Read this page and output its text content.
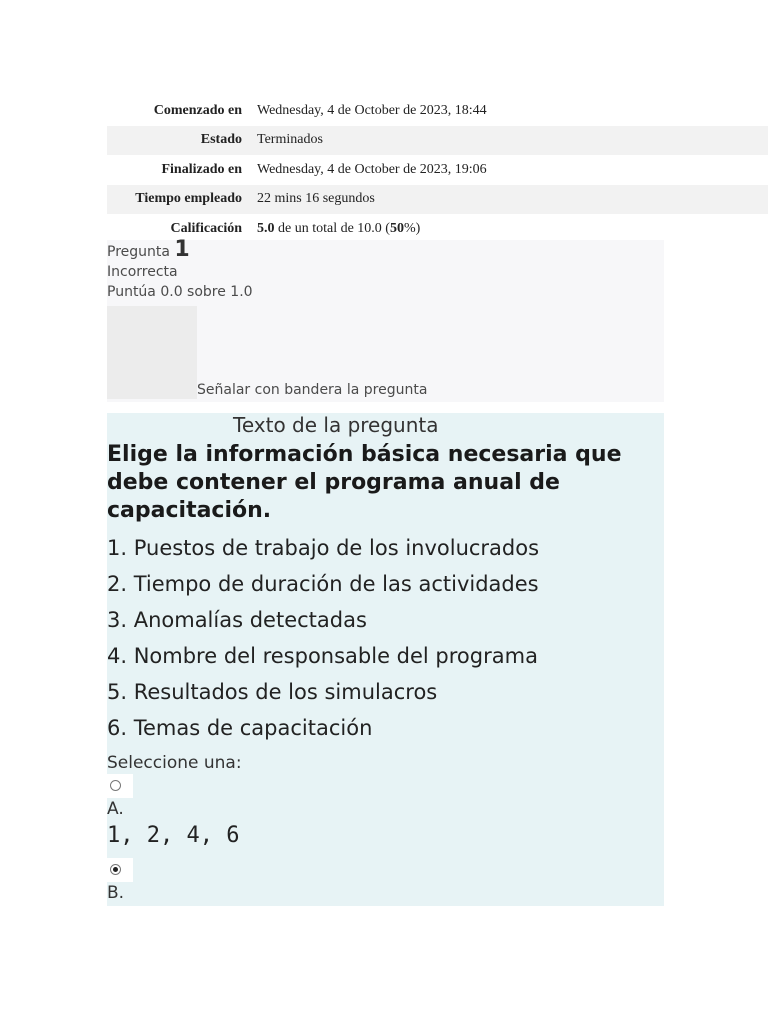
Comenzado en	Wednesday, 4 de October de 2023, 18:44
Estado	Terminados
Finalizado en	Wednesday, 4 de October de 2023, 19:06
Tiempo empleado	22 mins 16 segundos
Calificación	5.0 de un total de 10.0 (50%)
Pregunta 1
Incorrecta
Puntúa 0.0 sobre 1.0
Señalar con bandera la pregunta
Texto de la pregunta
Elige la información básica necesaria que debe contener el programa anual de capacitación.
1. Puestos de trabajo de los involucrados
2. Tiempo de duración de las actividades
3. Anomalías detectadas
4. Nombre del responsable del programa
5. Resultados de los simulacros
6. Temas de capacitación
Seleccione una:
A.
1, 2, 4, 6
B.
